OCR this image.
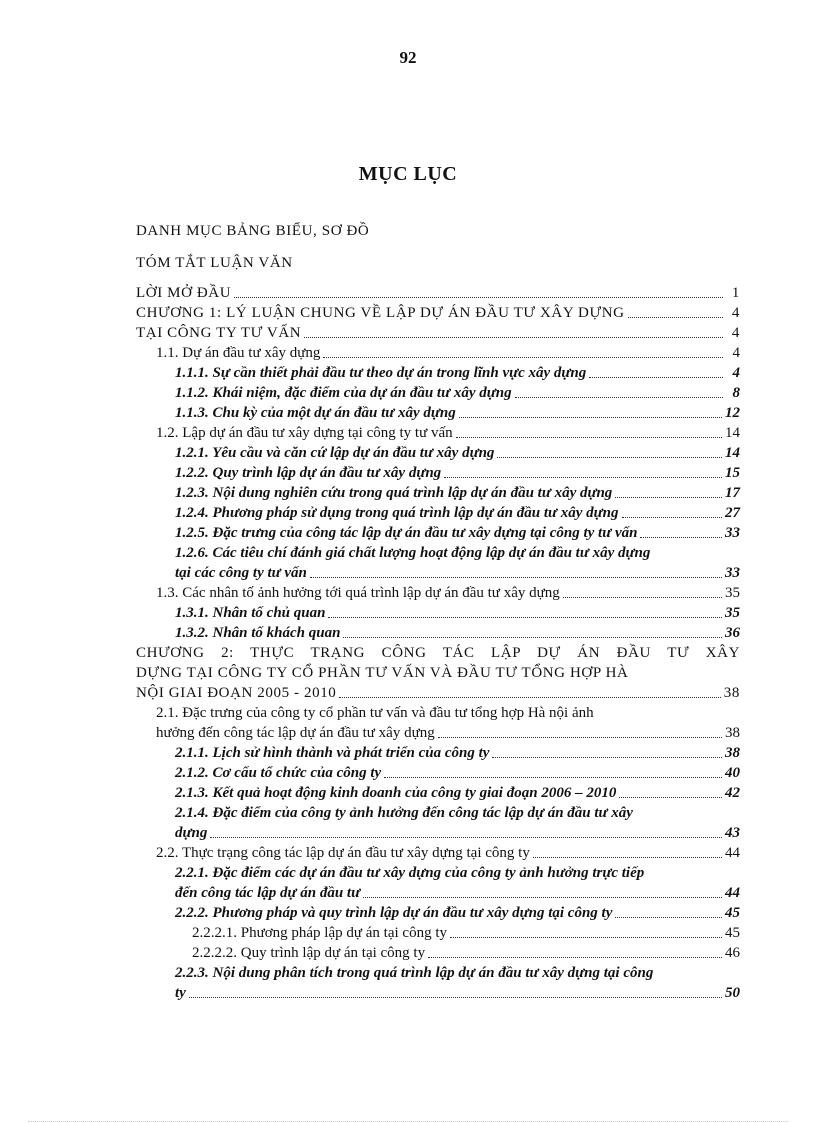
92
MỤC LỤC
DANH MỤC BẢNG BIỂU, SƠ ĐỒ
TÓM TẮT LUẬN VĂN
LỜI MỞ ĐẦU	1
CHƯƠNG 1: LÝ LUẬN CHUNG VỀ LẬP DỰ ÁN ĐẦU TƯ XÂY DỰNG	4
TẠI CÔNG TY TƯ VẤN	4
1.1. Dự án đầu tư xây dựng	4
1.1.1. Sự cần thiết phải đầu tư theo dự án trong lĩnh vực xây dựng	4
1.1.2. Khái niệm, đặc điểm của dự án đầu tư xây dựng	8
1.1.3. Chu kỳ của một dự án đầu tư xây dựng	12
1.2. Lập dự án đầu tư xây dựng tại công ty tư vấn	14
1.2.1. Yêu cầu và căn cứ lập dự án đầu tư xây dựng	14
1.2.2. Quy trình lập dự án đầu tư xây dựng	15
1.2.3. Nội dung nghiên cứu trong quá trình lập dự án đầu tư xây dựng	17
1.2.4. Phương pháp sử dụng trong quá trình lập dự án đầu tư xây dựng	27
1.2.5. Đặc trưng của công tác lập dự án đầu tư xây dựng tại công ty tư vấn	33
1.2.6. Các tiêu chí đánh giá chất lượng hoạt động lập dự án đầu tư xây dựng
tại các công ty tư vấn	33
1.3. Các nhân tố ảnh hưởng tới quá trình lập dự án đầu tư xây dựng	35
1.3.1. Nhân tố chủ quan	35
1.3.2. Nhân tố khách quan	36
CHƯƠNG 2: THỰC TRẠNG CÔNG TÁC LẬP DỰ ÁN ĐẦU TƯ XÂY
DỰNG TẠI CÔNG TY CỔ PHẦN TƯ VẤN VÀ ĐẦU TƯ TỔNG HỢP HÀ
NỘI GIAI ĐOẠN 2005 - 2010	38
2.1. Đặc trưng của công ty cổ phần tư vấn và đầu tư tổng hợp Hà nội ảnh
hưởng đến công tác lập dự án đầu tư xây dựng	38
2.1.1. Lịch sử hình thành và phát triển của công ty	38
2.1.2. Cơ cấu tổ chức của công ty	40
2.1.3. Kết quả hoạt động kinh doanh của công ty giai đoạn 2006 – 2010	42
2.1.4. Đặc điểm của công ty ảnh hưởng đến công tác lập dự án đầu tư xây
dựng	43
2.2. Thực trạng công tác lập dự án đầu tư xây dựng tại công ty	44
2.2.1. Đặc điểm các dự án đầu tư xây dựng của công ty ảnh hưởng trực tiếp
đến công tác lập dự án đầu tư	44
2.2.2. Phương pháp và quy trình lập dự án đầu tư xây dựng tại công ty	45
2.2.2.1. Phương pháp lập dự án tại công ty	45
2.2.2.2. Quy trình lập dự án tại công ty	46
2.2.3. Nội dung phân tích trong quá trình lập dự án đầu tư xây dựng tại công
ty	50
